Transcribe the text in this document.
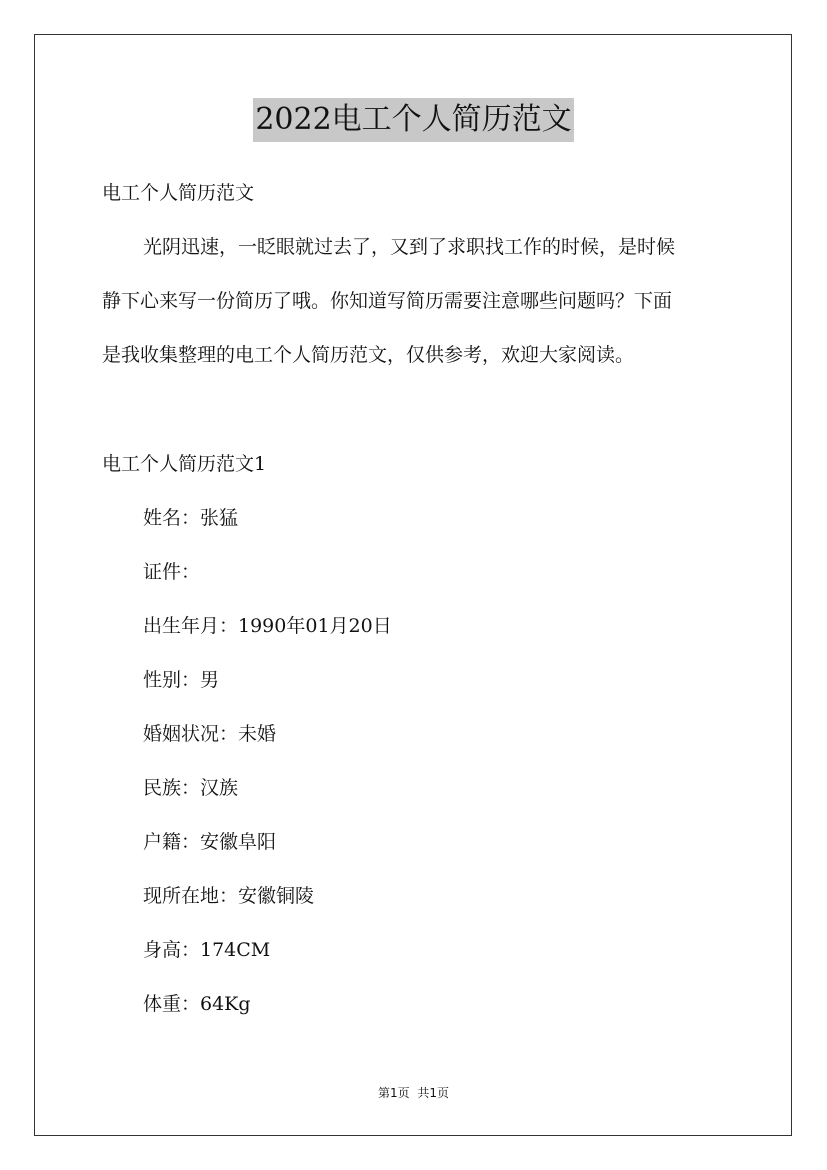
2022电工个人简历范文
电工个人简历范文
光阴迅速，一眨眼就过去了，又到了求职找工作的时候，是时候
静下心来写一份简历了哦。你知道写简历需要注意哪些问题吗？下面
是我收集整理的电工个人简历范文，仅供参考，欢迎大家阅读。
电工个人简历范文1
姓名：张猛
证件：
出生年月：1990年01月20日
性别：男
婚姻状况：未婚
民族：汉族
户籍：安徽阜阳
现所在地：安徽铜陵
身高：174CM
体重：64Kg
第1页 共1页
